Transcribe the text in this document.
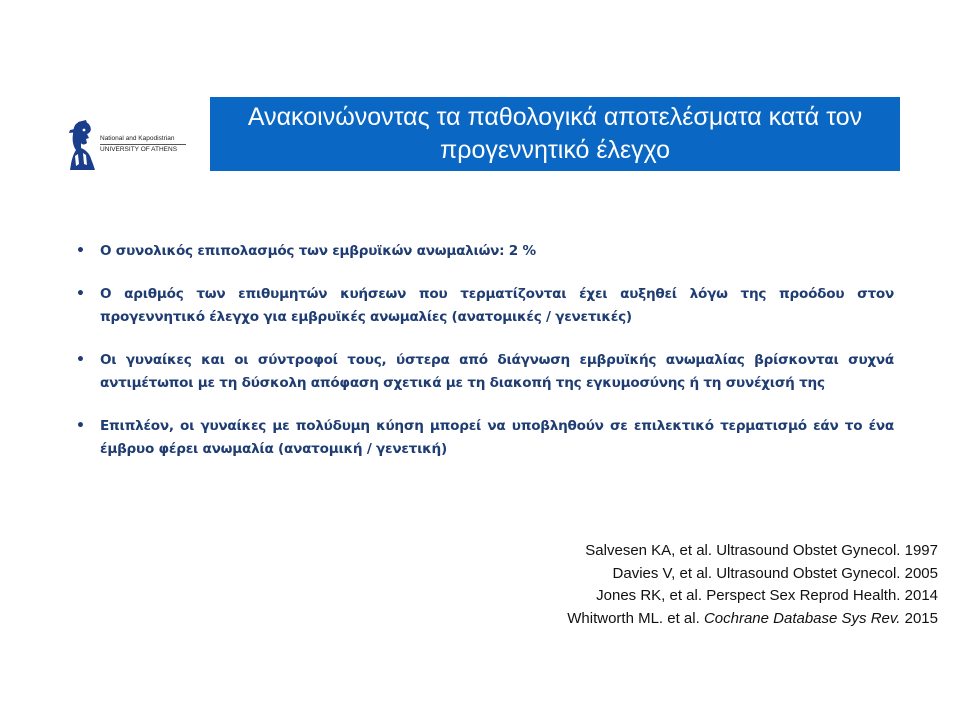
National and Kapodistrian
UNIVERSITY OF ATHENS
Ανακοινώνοντας τα παθολογικά αποτελέσματα κατά τον
προγεννητικό έλεγχο
• Ο συνολικός επιπολασμός των εμβρυϊκών ανωμαλιών: 2 %
• Ο αριθμός των επιθυμητών κυήσεων που τερματίζονται έχει αυξηθεί λόγω της προόδου στον προγεννητικό έλεγχο για εμβρυϊκές ανωμαλίες (ανατομικές / γενετικές)
• Οι γυναίκες και οι σύντροφοί τους, ύστερα από διάγνωση εμβρυϊκής ανωμαλίας βρίσκονται συχνά αντιμέτωποι με τη δύσκολη απόφαση σχετικά με τη διακοπή της εγκυμοσύνης ή τη συνέχισή της
• Επιπλέον, οι γυναίκες με πολύδυμη κύηση μπορεί να υποβληθούν σε επιλεκτικό τερματισμό εάν το ένα έμβρυο φέρει ανωμαλία (ανατομική / γενετική)
Salvesen KA, et al. Ultrasound Obstet Gynecol. 1997
Davies V, et al. Ultrasound Obstet Gynecol. 2005
Jones RK, et al. Perspect Sex Reprod Health. 2014
Whitworth ML. et al. Cochrane Database Sys Rev. 2015
